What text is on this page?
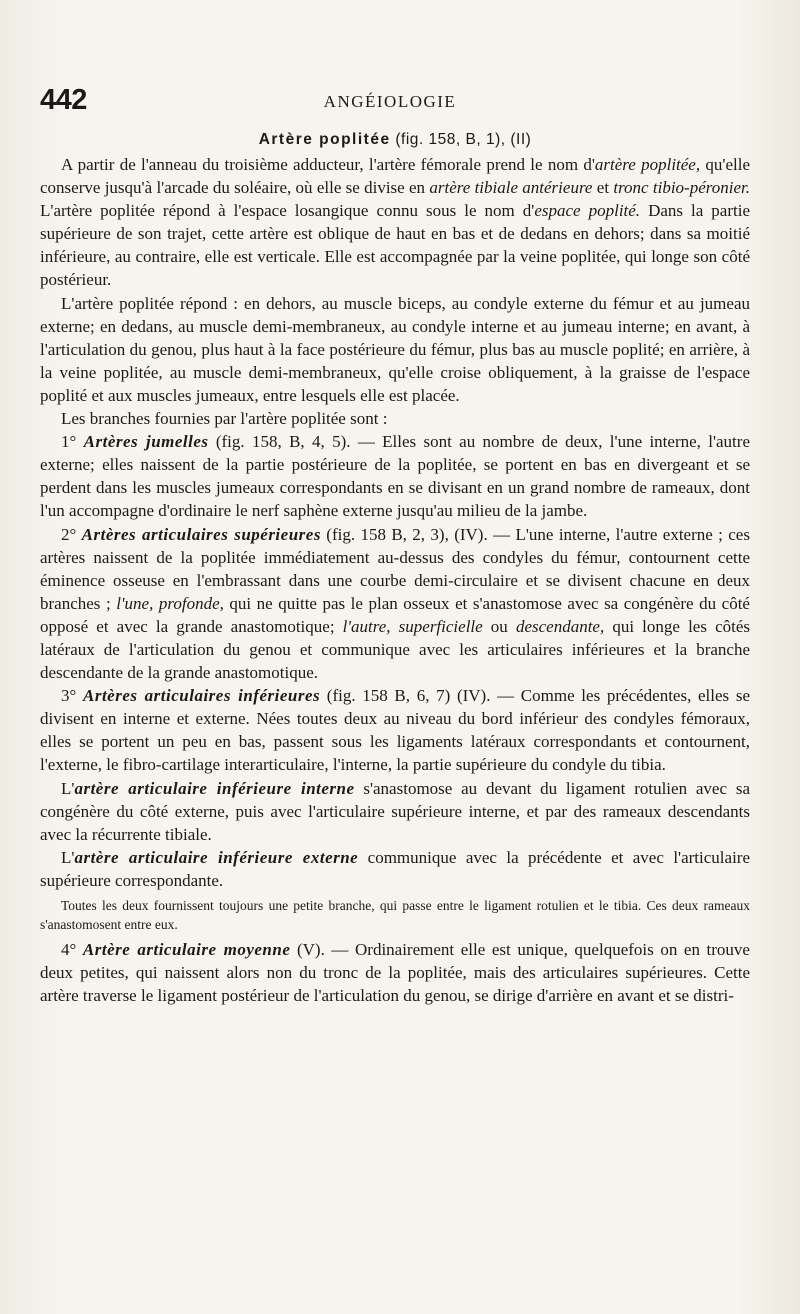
442	ANGÉIOLOGIE
Artère poplitée (fig. 158, B, 1), (II)

A partir de l'anneau du troisième adducteur, l'artère fémorale prend le nom d'artère poplitée, qu'elle conserve jusqu'à l'arcade du soléaire, où elle se divise en artère tibiale antérieure et tronc tibio-péronier. L'artère poplitée répond à l'espace losangique connu sous le nom d'espace poplité. Dans la partie supérieure de son trajet, cette artère est oblique de haut en bas et de dedans en dehors; dans sa moitié inférieure, au contraire, elle est verticale. Elle est accompagnée par la veine poplitée, qui longe son côté postérieur.

L'artère poplitée répond : en dehors, au muscle biceps, au condyle externe du fémur et au jumeau externe; en dedans, au muscle demi-membraneux, au condyle interne et au jumeau interne; en avant, à l'articulation du genou, plus haut à la face postérieure du fémur, plus bas au muscle poplité; en arrière, à la veine poplitée, au muscle demi-membraneux, qu'elle croise obliquement, à la graisse de l'espace poplité et aux muscles jumeaux, entre lesquels elle est placée.

Les branches fournies par l'artère poplitée sont :

1° Artères jumelles (fig. 158, B, 4, 5). — Elles sont au nombre de deux, l'une interne, l'autre externe; elles naissent de la partie postérieure de la poplitée, se portent en bas en divergeant et se perdent dans les muscles jumeaux correspondants en se divisant en un grand nombre de rameaux, dont l'un accompagne d'ordinaire le nerf saphène externe jusqu'au milieu de la jambe.

2° Artères articulaires supérieures (fig. 158 B, 2, 3), (IV). — L'une interne, l'autre externe ; ces artères naissent de la poplitée immédiatement au-dessus des condyles du fémur, contournent cette éminence osseuse en l'embrassant dans une courbe demi-circulaire et se divisent chacune en deux branches ; l'une, profonde, qui ne quitte pas le plan osseux et s'anastomose avec sa congénère du côté opposé et avec la grande anastomotique; l'autre, superficielle ou descendante, qui longe les côtés latéraux de l'articulation du genou et communique avec les articulaires inférieures et la branche descendante de la grande anastomotique.

3° Artères articulaires inférieures (fig. 158 B, 6, 7) (IV). — Comme les précédentes, elles se divisent en interne et externe. Nées toutes deux au niveau du bord inférieur des condyles fémoraux, elles se portent un peu en bas, passent sous les ligaments latéraux correspondants et contournent, l'externe, le fibro-cartilage interarticulaire, l'interne, la partie supérieure du condyle du tibia.

L'artère articulaire inférieure interne s'anastomose au devant du ligament rotulien avec sa congénère du côté externe, puis avec l'articulaire supérieure interne, et par des rameaux descendants avec la récurrente tibiale.

L'artère articulaire inférieure externe communique avec la précédente et avec l'articulaire supérieure correspondante.

Toutes les deux fournissent toujours une petite branche, qui passe entre le ligament rotulien et le tibia. Ces deux rameaux s'anastomosent entre eux.

4° Artère articulaire moyenne (V). — Ordinairement elle est unique, quelquefois on en trouve deux petites, qui naissent alors non du tronc de la poplitée, mais des articulaires supérieures. Cette artère traverse le ligament postérieur de l'articulation du genou, se dirige d'arrière en avant et se distri-
